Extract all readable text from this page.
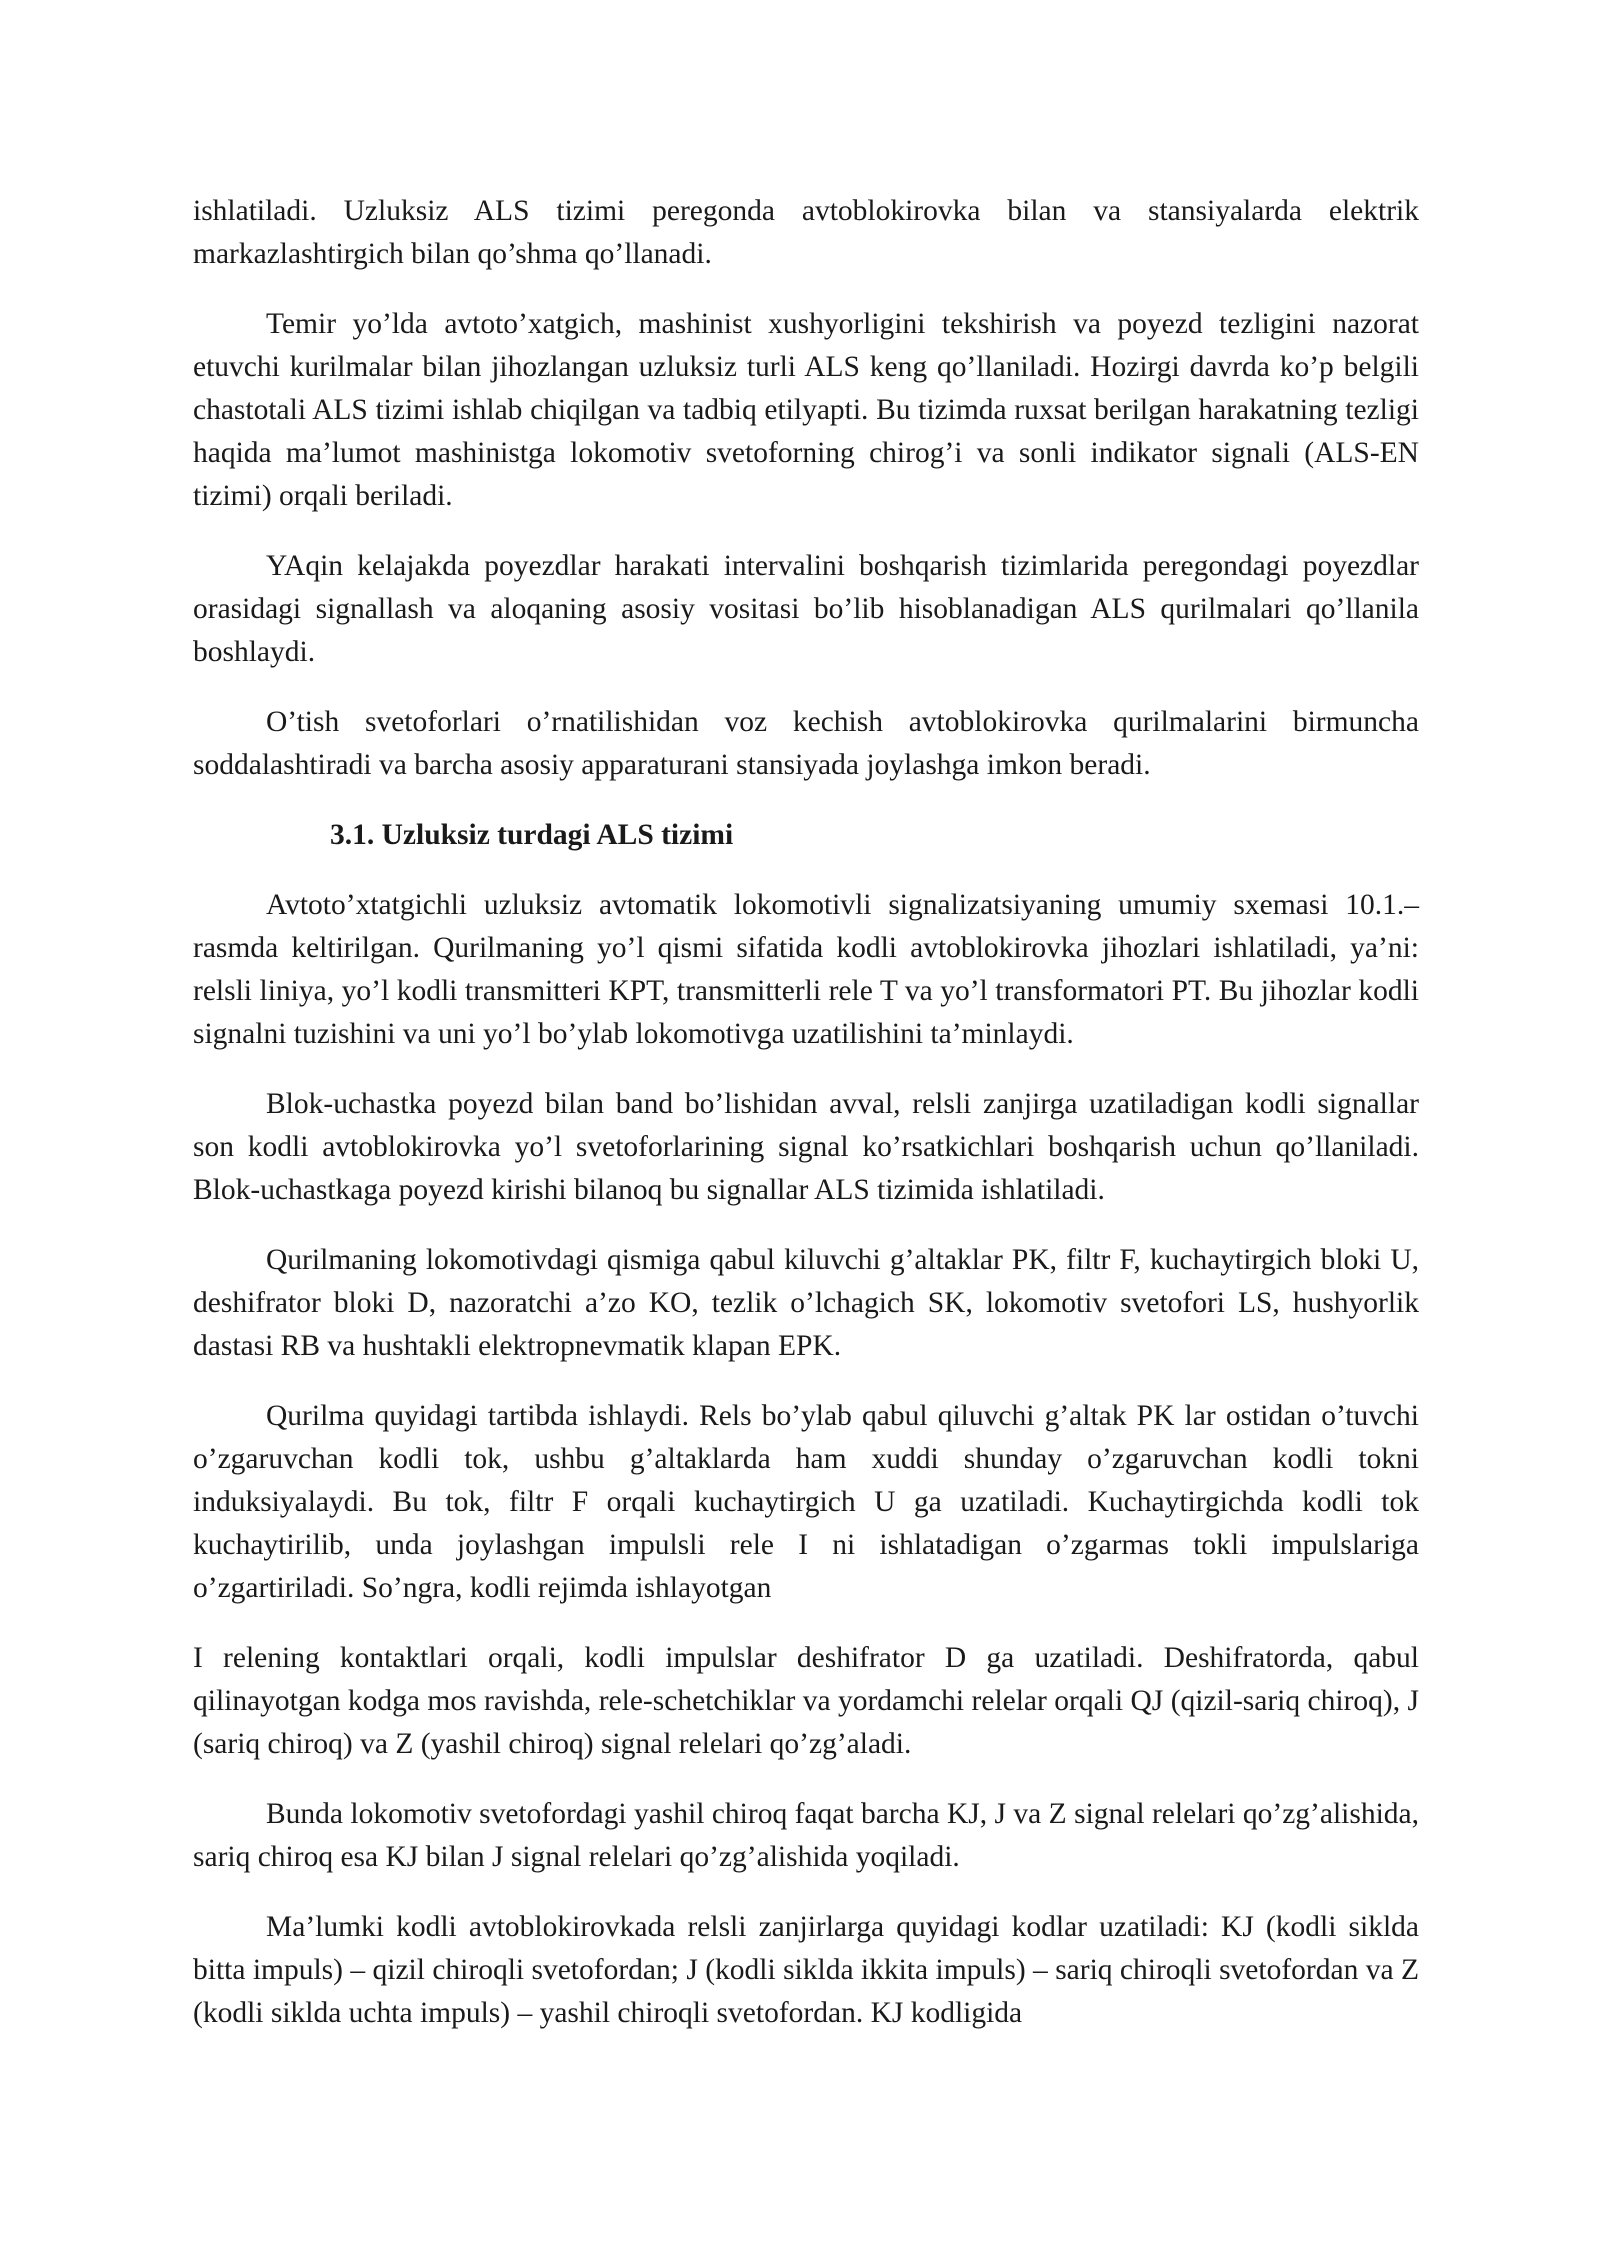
ishlatiladi. Uzluksiz ALS tizimi peregonda avtoblokirovka bilan va stansiyalarda elektrik markazlashtirgich bilan qo’shma qo’llanadi.

Temir yo’lda avtoto’xatgich, mashinist xushyorligini tekshirish va poyezd tezligini nazorat etuvchi kurilmalar bilan jihozlangan uzluksiz turli ALS keng qo’llaniladi. Hozirgi davrda ko’p belgili chastotali ALS tizimi ishlab chiqilgan va tadbiq etilyapti. Bu tizimda ruxsat berilgan harakatning tezligi haqida ma’lumot mashinistga lokomotiv svetoforning chirog’i va sonli indikator signali (ALS-EN tizimi) orqali beriladi.

YAqin kelajakda poyezdlar harakati intervalini boshqarish tizimlarida peregondagi poyezdlar orasidagi signallash va aloqaning asosiy vositasi bo’lib hisoblanadigan ALS qurilmalari qo’llanila boshlaydi.

O’tish svetoforlari o’rnatilishidan voz kechish avtoblokirovka qurilmalarini birmuncha soddalashtiradi va barcha asosiy apparaturani stansiyada joylashga imkon beradi.

3.1. Uzluksiz turdagi ALS tizimi

Avtoto’xtatgichli uzluksiz avtomatik lokomotivli signalizatsiyaning umumiy sxemasi 10.1.–rasmda keltirilgan. Qurilmaning yo’l qismi sifatida kodli avtoblokirovka jihozlari ishlatiladi, ya’ni: relsli liniya, yo’l kodli transmitteri KPT, transmitterli rele T va yo’l transformatori PT. Bu jihozlar kodli signalni tuzishini va uni yo’l bo’ylab lokomotivga uzatilishini ta’minlaydi.

Blok-uchastka poyezd bilan band bo’lishidan avval, relsli zanjirga uzatiladigan kodli signallar son kodli avtoblokirovka yo’l svetoforlarining signal ko’rsatkichlari boshqarish uchun qo’llaniladi. Blok-uchastkaga poyezd kirishi bilanoq bu signallar ALS tizimida ishlatiladi.

Qurilmaning lokomotivdagi qismiga qabul kiluvchi g’altaklar PK, filtr F, kuchaytirgich bloki U, deshifrator bloki D, nazoratchi a’zo KO, tezlik o’lchagich SK, lokomotiv svetofori LS, hushyorlik dastasi RB va hushtakli elektropnevmatik klapan EPK.

Qurilma quyidagi tartibda ishlaydi. Rels bo’ylab qabul qiluvchi g’altak PK lar ostidan o’tuvchi o’zgaruvchan kodli tok, ushbu g’altaklarda ham xuddi shunday o’zgaruvchan kodli tokni induksiyalaydi. Bu tok, filtr F orqali kuchaytirgich U ga uzatiladi. Kuchaytirgichda kodli tok kuchaytirilib, unda joylashgan impulsli rele I ni ishlatadigan o’zgarmas tokli impulslariga o’zgartiriladi. So’ngra, kodli rejimda ishlayotgan

I relening kontaktlari orqali, kodli impulslar deshifrator D ga uzatiladi. Deshifratorda, qabul qilinayotgan kodga mos ravishda, rele-schetchiklar va yordamchi relelar orqali QJ (qizil-sariq chiroq), J (sariq chiroq) va Z (yashil chiroq) signal relelari qo’zg’aladi.

Bunda lokomotiv svetofordagi yashil chiroq faqat barcha KJ, J va Z signal relelari qo’zg’alishida, sariq chiroq esa KJ bilan J signal relelari qo’zg’alishida yoqiladi.

Ma’lumki kodli avtoblokirovkada relsli zanjirlarga quyidagi kodlar uzatiladi: KJ (kodli siklda bitta impuls) – qizil chiroqli svetofordan; J (kodli siklda ikkita impuls) – sariq chiroqli svetofordan va Z (kodli siklda uchta impuls) – yashil chiroqli svetofordan. KJ kodligida
